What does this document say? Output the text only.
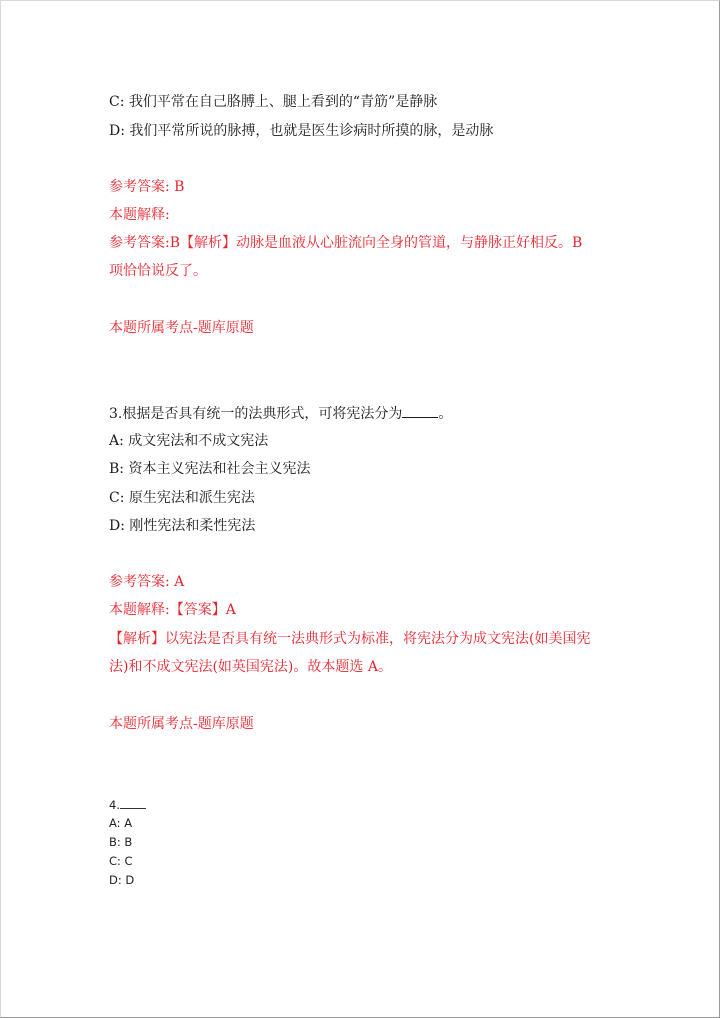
C: 我们平常在自己胳膊上、腿上看到的“青筋”是静脉
D: 我们平常所说的脉搏，也就是医生诊病时所摸的脉，是动脉
参考答案: B
本题解释:
参考答案:B【解析】动脉是血液从心脏流向全身的管道，与静脉正好相反。B
项恰恰说反了。
本题所属考点-题库原题
3.根据是否具有统一的法典形式，可将宪法分为	。
A: 成文宪法和不成文宪法
B: 资本主义宪法和社会主义宪法
C: 原生宪法和派生宪法
D: 刚性宪法和柔性宪法
参考答案: A
本题解释:【答案】A
【解析】以宪法是否具有统一法典形式为标准，将宪法分为成文宪法(如美国宪
法)和不成文宪法(如英国宪法)。故本题选 A。
本题所属考点-题库原题
4.
A: A
B: B
C: C
D: D
